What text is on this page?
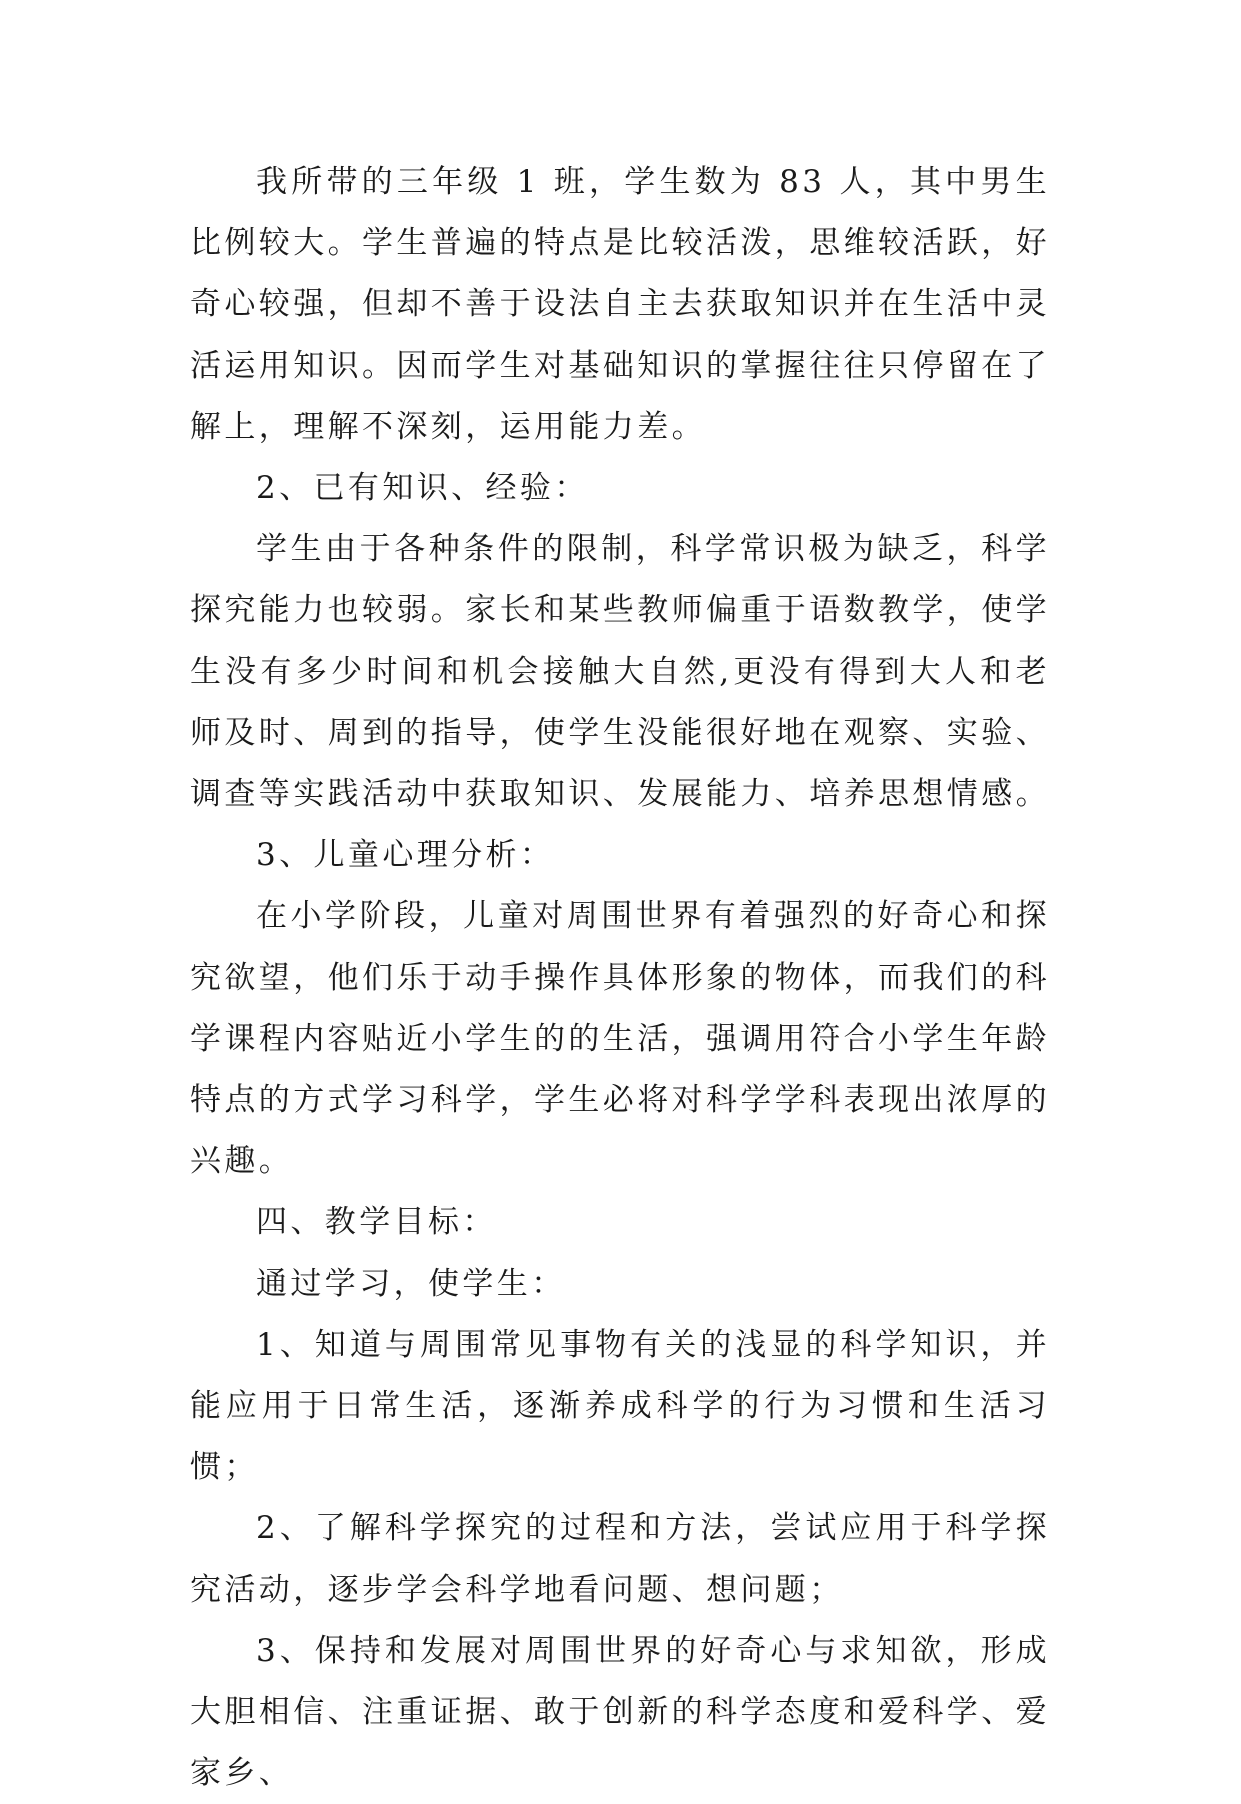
我所带的三年级 1 班，学生数为 83 人，其中男生比例较大。学生普遍的特点是比较活泼，思维较活跃，好奇心较强，但却不善于设法自主去获取知识并在生活中灵活运用知识。因而学生对基础知识的掌握往往只停留在了解上，理解不深刻，运用能力差。

2、已有知识、经验：

学生由于各种条件的限制，科学常识极为缺乏，科学探究能力也较弱。家长和某些教师偏重于语数教学，使学生没有多少时间和机会接触大自然,更没有得到大人和老师及时、周到的指导，使学生没能很好地在观察、实验、调查等实践活动中获取知识、发展能力、培养思想情感。

3、儿童心理分析：

在小学阶段，儿童对周围世界有着强烈的好奇心和探究欲望，他们乐于动手操作具体形象的物体，而我们的科学课程内容贴近小学生的的生活，强调用符合小学生年龄特点的方式学习科学，学生必将对科学学科表现出浓厚的兴趣。

四、教学目标：

通过学习，使学生：

1、知道与周围常见事物有关的浅显的科学知识，并能应用于日常生活，逐渐养成科学的行为习惯和生活习惯；

2、了解科学探究的过程和方法，尝试应用于科学探究活动，逐步学会科学地看问题、想问题；

3、保持和发展对周围世界的好奇心与求知欲，形成大胆相信、注重证据、敢于创新的科学态度和爱科学、爱家乡、
